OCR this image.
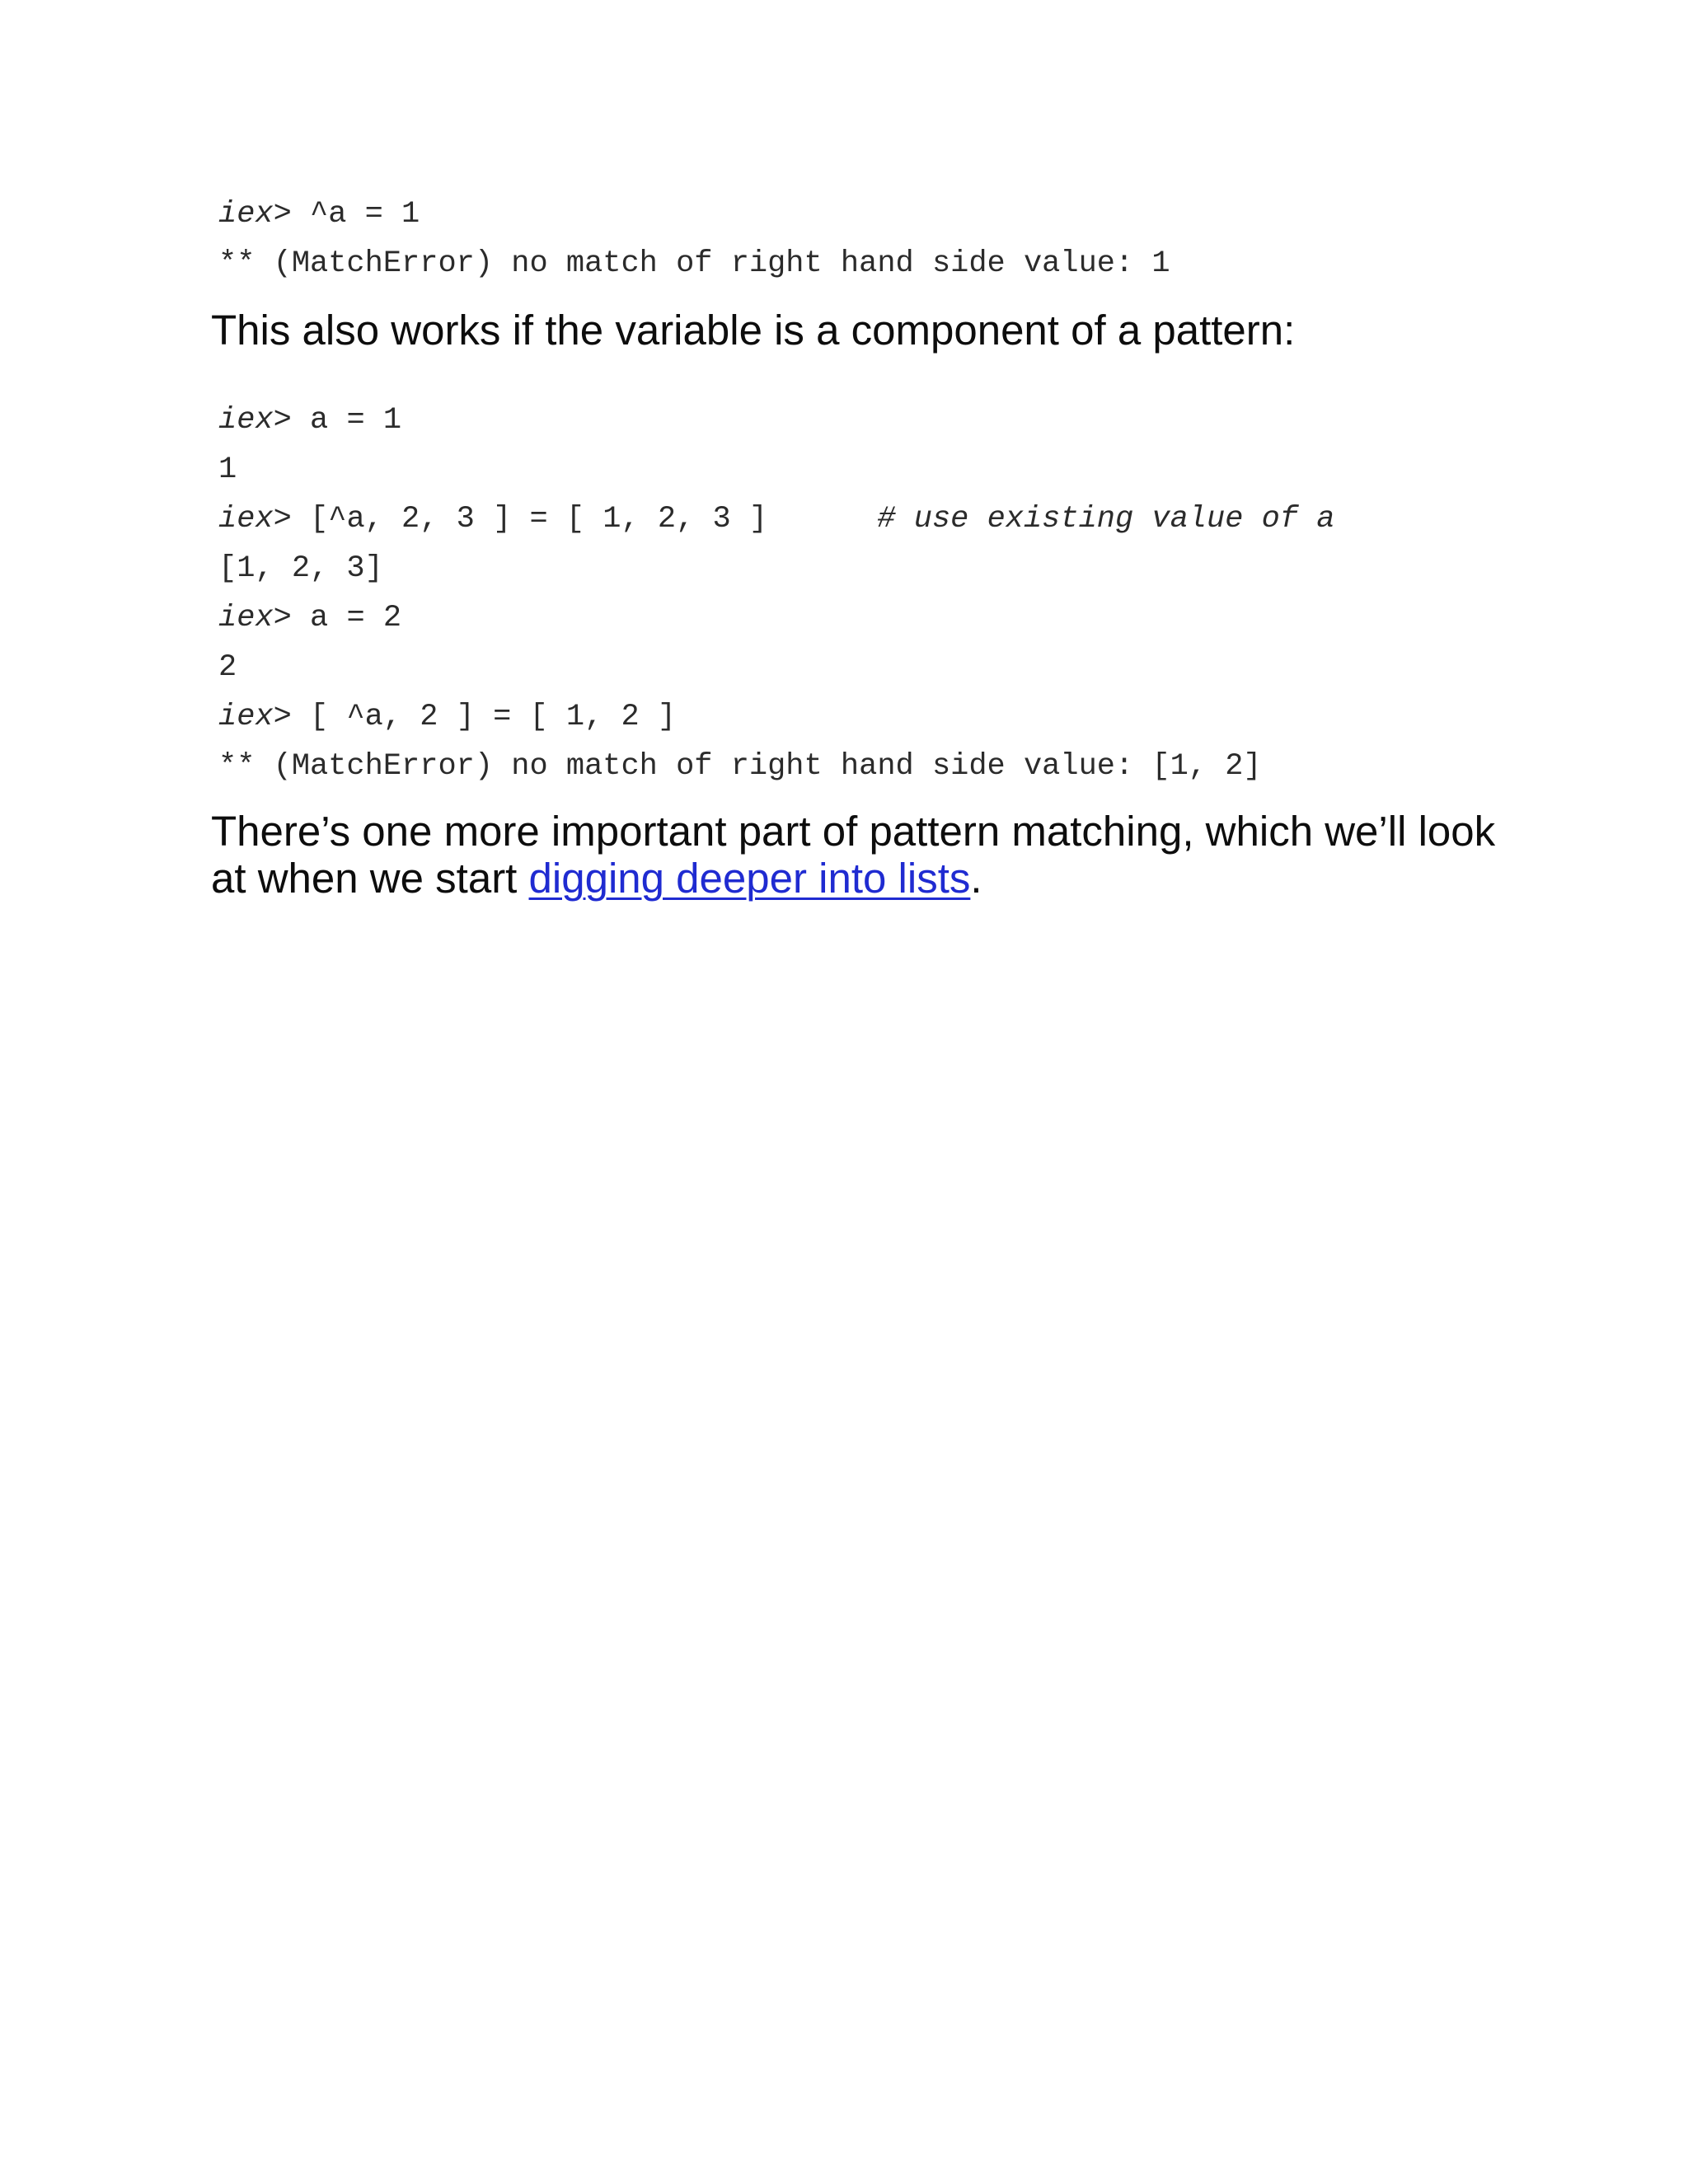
iex> ^a = 1
** (MatchError) no match of right hand side value: 1

This also works if the variable is a component of a pattern:

iex> a = 1
1
iex> [^a, 2, 3 ] = [ 1, 2, 3 ]      # use existing value of a
[1, 2, 3]
iex> a = 2
2
iex> [ ^a, 2 ] = [ 1, 2 ]
** (MatchError) no match of right hand side value: [1, 2]

There’s one more important part of pattern matching, which we’ll look at when we start digging deeper into lists.
